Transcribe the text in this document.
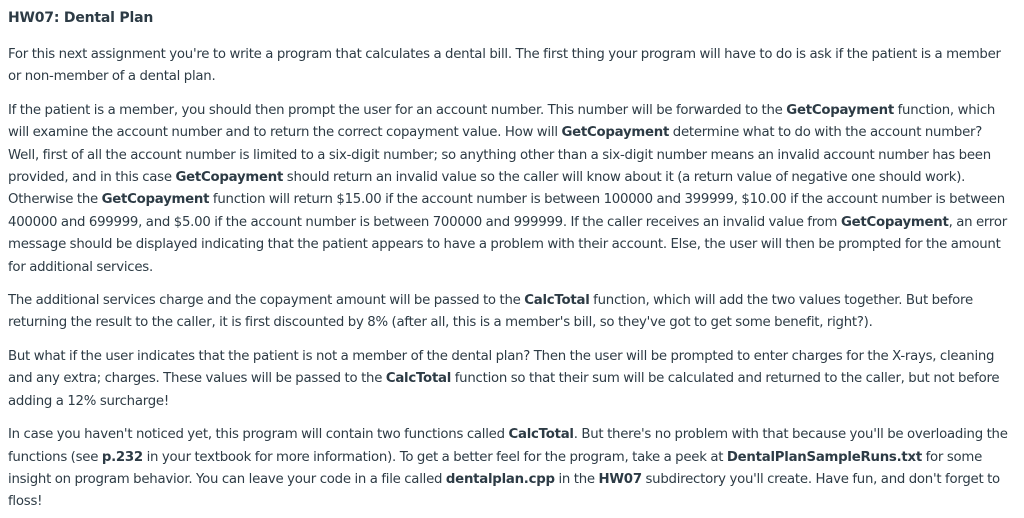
HW07: Dental Plan

For this next assignment you're to write a program that calculates a dental bill. The first thing your program will have to do is ask if the patient is a member or non-member of a dental plan.

If the patient is a member, you should then prompt the user for an account number. This number will be forwarded to the GetCopayment function, which will examine the account number and to return the correct copayment value. How will GetCopayment determine what to do with the account number? Well, first of all the account number is limited to a six-digit number; so anything other than a six-digit number means an invalid account number has been provided, and in this case GetCopayment should return an invalid value so the caller will know about it (a return value of negative one should work). Otherwise the GetCopayment function will return $15.00 if the account number is between 100000 and 399999, $10.00 if the account number is between 400000 and 699999, and $5.00 if the account number is between 700000 and 999999. If the caller receives an invalid value from GetCopayment, an error message should be displayed indicating that the patient appears to have a problem with their account. Else, the user will then be prompted for the amount for additional services.

The additional services charge and the copayment amount will be passed to the CalcTotal function, which will add the two values together. But before returning the result to the caller, it is first discounted by 8% (after all, this is a member's bill, so they've got to get some benefit, right?).

But what if the user indicates that the patient is not a member of the dental plan? Then the user will be prompted to enter charges for the X-rays, cleaning and any extra; charges. These values will be passed to the CalcTotal function so that their sum will be calculated and returned to the caller, but not before adding a 12% surcharge!

In case you haven't noticed yet, this program will contain two functions called CalcTotal. But there's no problem with that because you'll be overloading the functions (see p.232 in your textbook for more information). To get a better feel for the program, take a peek at DentalPlanSampleRuns.txt for some insight on program behavior. You can leave your code in a file called dentalplan.cpp in the HW07 subdirectory you'll create. Have fun, and don't forget to floss!
